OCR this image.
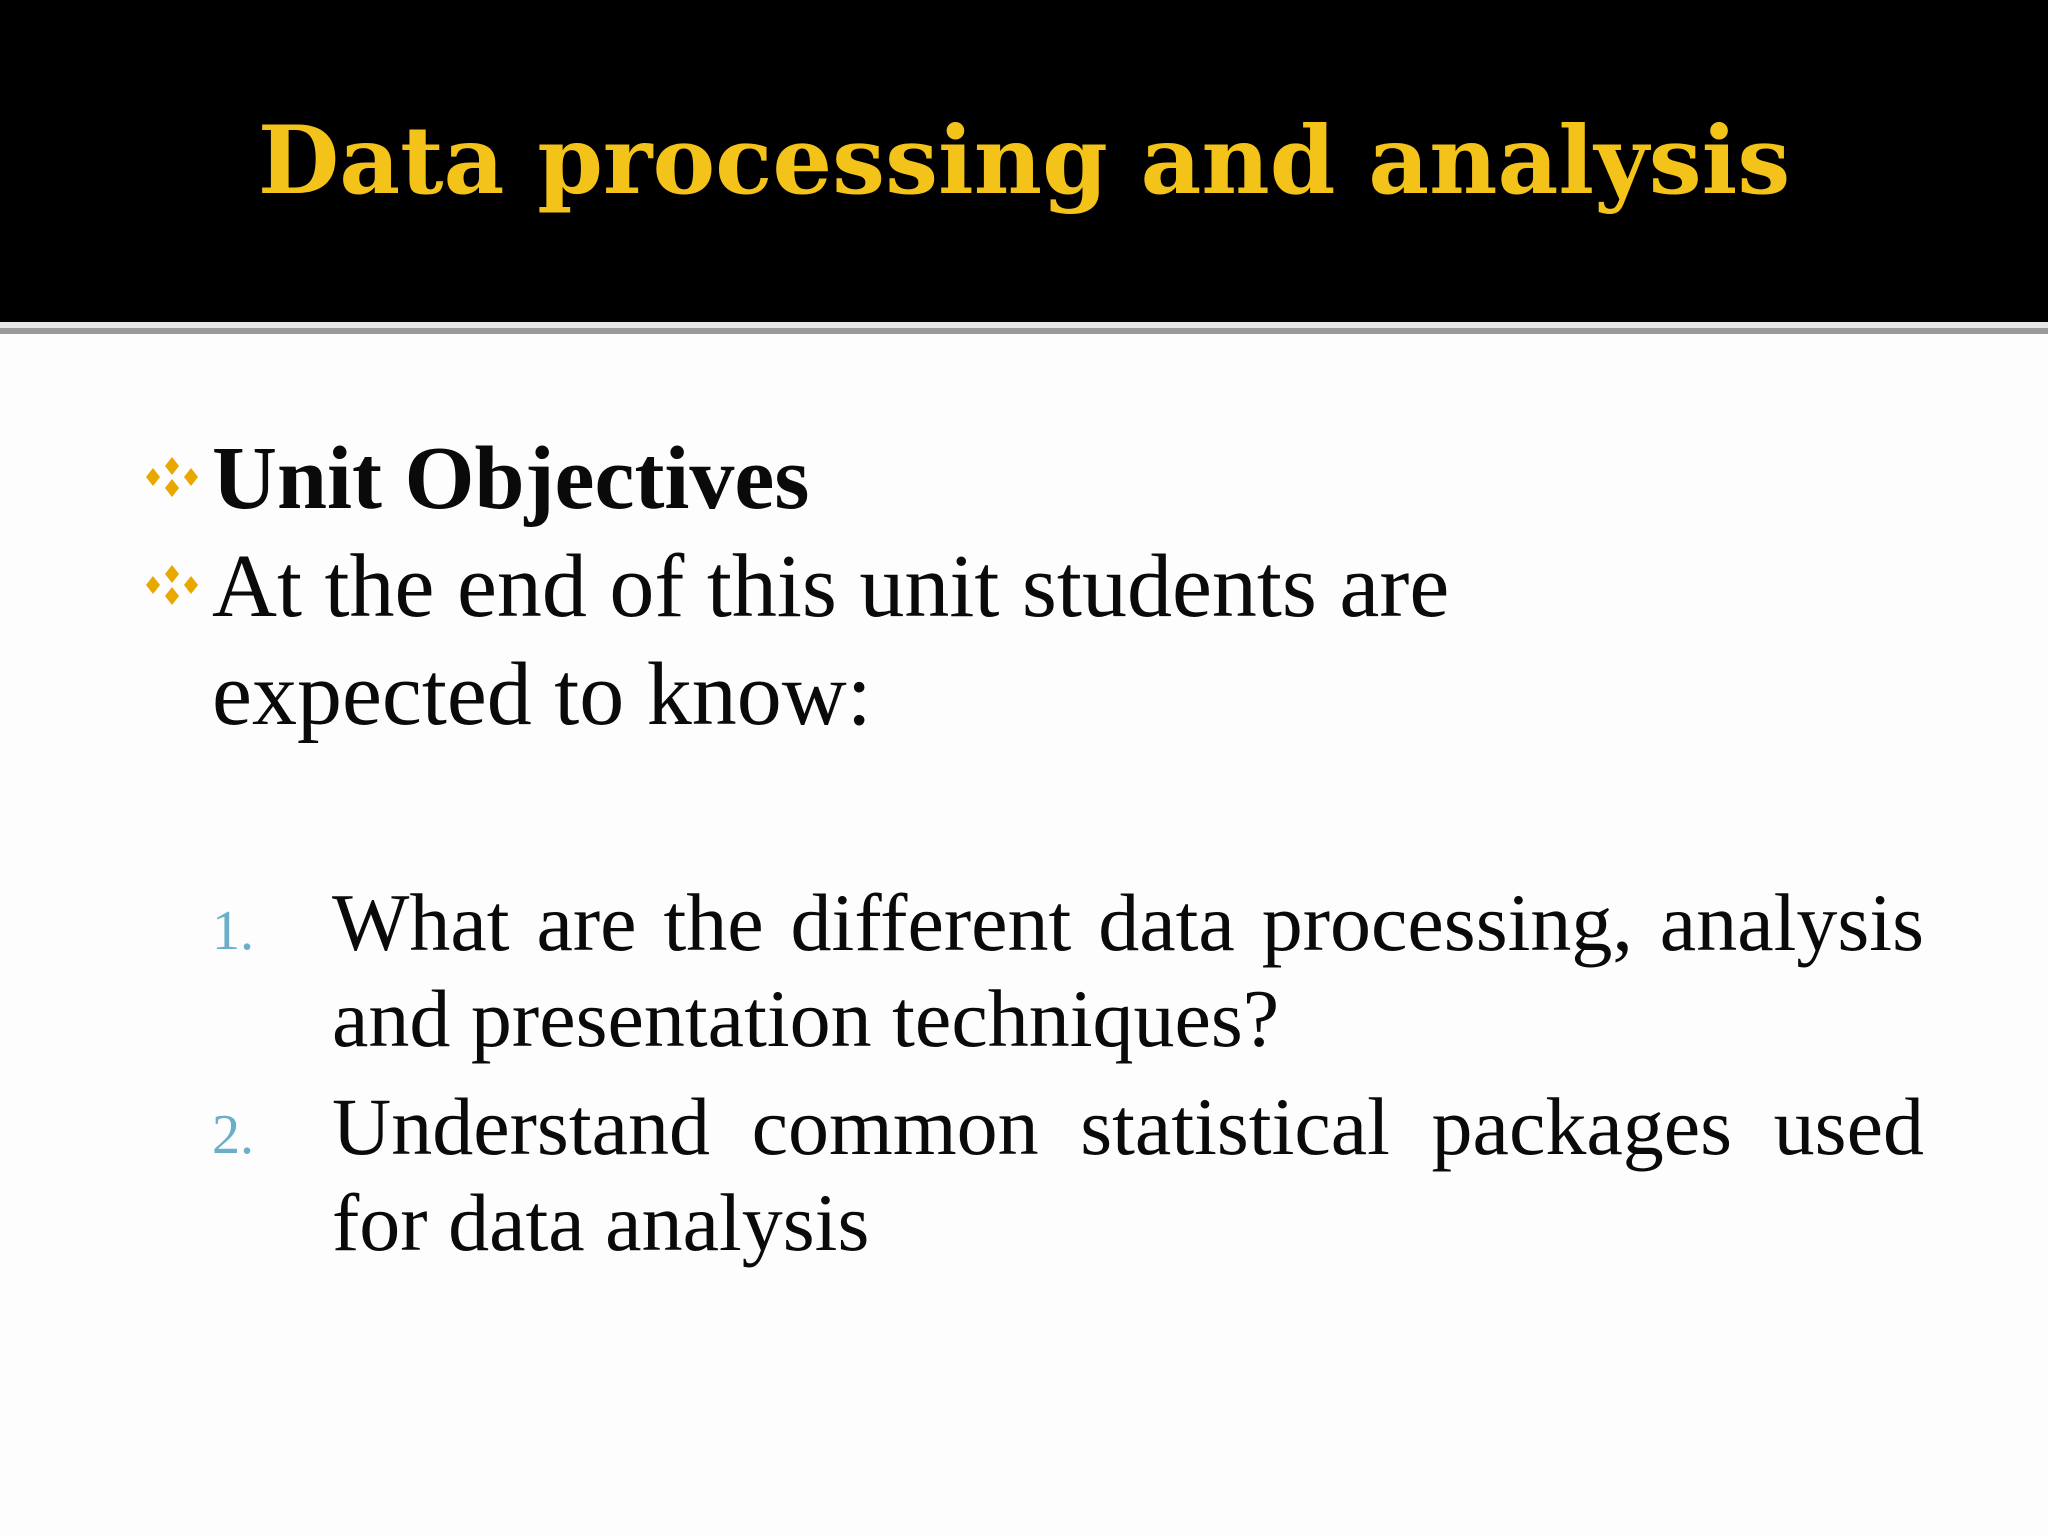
Data processing and analysis
Unit Objectives
At the end of this unit students are expected to know:
1. What are the different data processing, analysis and presentation techniques?
2. Understand common statistical packages used for data analysis
